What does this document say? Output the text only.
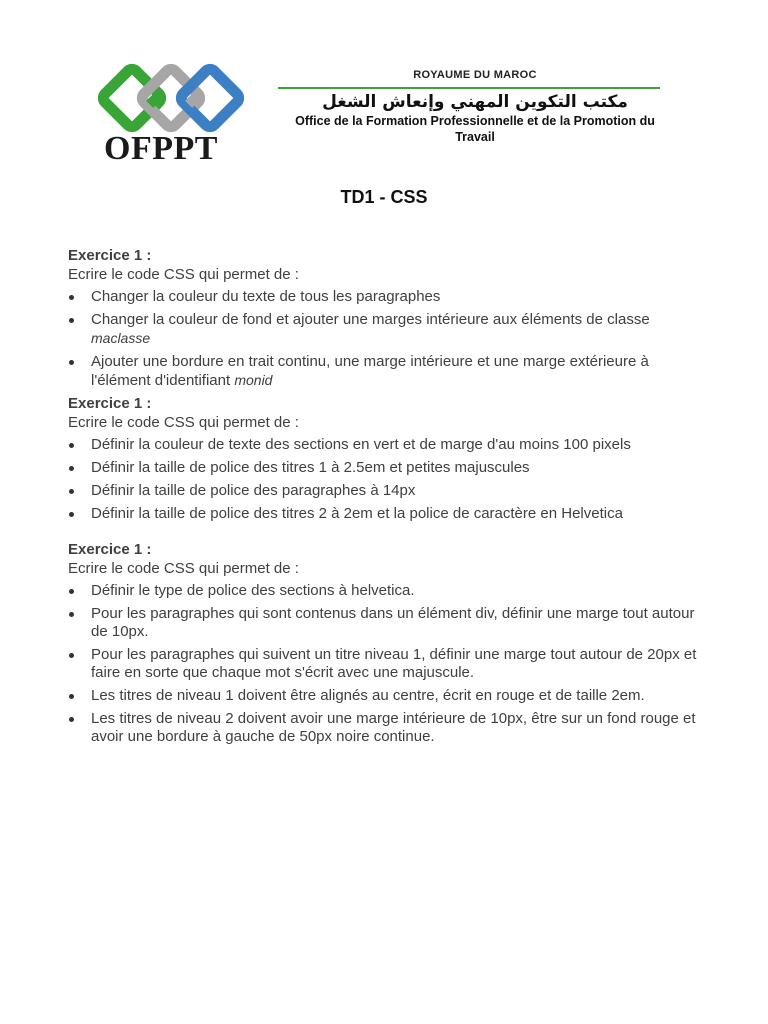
OFPPT
ROYAUME DU MAROC
مكتب التكوين المهني وإنعاش الشغل
Office de la Formation Professionnelle et de la Promotion du
Travail
TD1 - CSS
Exercice 1 :
Ecrire le code CSS qui permet de :
Changer la couleur du texte de tous les paragraphes
Changer la couleur de fond et ajouter une marges intérieure aux éléments de classe maclasse
Ajouter une bordure en trait continu, une marge intérieure et une marge extérieure à l'élément d'identifiant monid
Exercice 1 :
Ecrire le code CSS qui permet de :
Définir la couleur de texte des sections en vert et de marge d'au moins 100 pixels
Définir la taille de police des titres 1 à 2.5em et petites majuscules
Définir la taille de police des paragraphes à 14px
Définir la taille de police des titres 2 à 2em et la police de caractère en Helvetica
Exercice 1 :
Ecrire le code CSS qui permet de :
Définir le type de police des sections à helvetica.
Pour les paragraphes qui sont contenus dans un élément div, définir une marge tout autour de 10px.
Pour les paragraphes qui suivent un titre niveau 1, définir une marge tout autour de 20px et faire en sorte que chaque mot s'écrit avec une majuscule.
Les titres de niveau 1 doivent être alignés au centre, écrit en rouge et de taille 2em.
Les titres de niveau 2 doivent avoir une marge intérieure de 10px, être sur un fond rouge et avoir une bordure à gauche de 50px noire continue.
